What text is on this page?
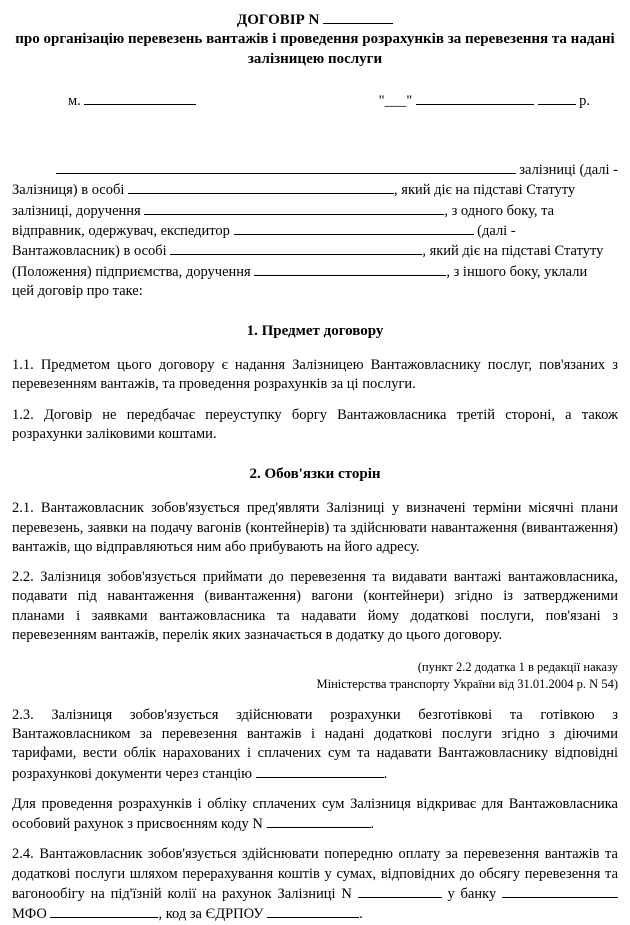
ДОГОВІР N
про організацію перевезень вантажів і проведення розрахунків за перевезення та надані залізницею послуги
м.	"___"	р.

залізниці (далі -

Залізниця) в особі	, який діє на підставі Статуту

залізниці, доручення	, з одного боку, та

відправник, одержувач, експедитор	(далі -

Вантажовласник) в особі	, який діє на підставі Статуту

(Положення) підприємства, доручення	, з іншого боку, уклали

цей договір про таке:

1. Предмет договору

1.1. Предметом цього договору є надання Залізницею Вантажовласнику послуг, пов'язаних з перевезенням вантажів, та проведення розрахунків за ці послуги.

1.2. Договір не передбачає переуступку боргу Вантажовласника третій стороні, а також розрахунки заліковими коштами.

2. Обов'язки сторін

2.1. Вантажовласник зобов'язується пред'являти Залізниці у визначені терміни місячні плани перевезень, заявки на подачу вагонів (контейнерів) та здійснювати навантаження (вивантаження) вантажів, що відправляються ним або прибувають на його адресу.

2.2. Залізниця зобов'язується приймати до перевезення та видавати вантажі вантажовласника, подавати під навантаження (вивантаження) вагони (контейнери) згідно із затвердженими планами і заявками вантажовласника та надавати йому додаткові послуги, пов'язані з перевезенням вантажів, перелік яких зазначається в додатку до цього договору.

(пункт 2.2 додатка 1 в редакції наказу
Міністерства транспорту України від 31.01.2004 р. N 54)

2.3. Залізниця зобов'язується здійснювати розрахунки безготівкові та готівкою з Вантажовласником за перевезення вантажів і надані додаткові послуги згідно з діючими тарифами, вести облік нарахованих і сплачених сум та надавати Вантажовласнику відповідні розрахункові документи через станцію	.

Для проведення розрахунків і обліку сплачених сум Залізниця відкриває для Вантажовласника особовий рахунок з присвоєнням коду N	.

2.4. Вантажовласник зобов'язується здійснювати попередню оплату за перевезення вантажів та додаткові послуги шляхом перерахування коштів у сумах, відповідних до обсягу перевезення та вагонообігу на під'їзній колії на рахунок Залізниці N	у банку  МФО	, код за ЄДРПОУ	.
